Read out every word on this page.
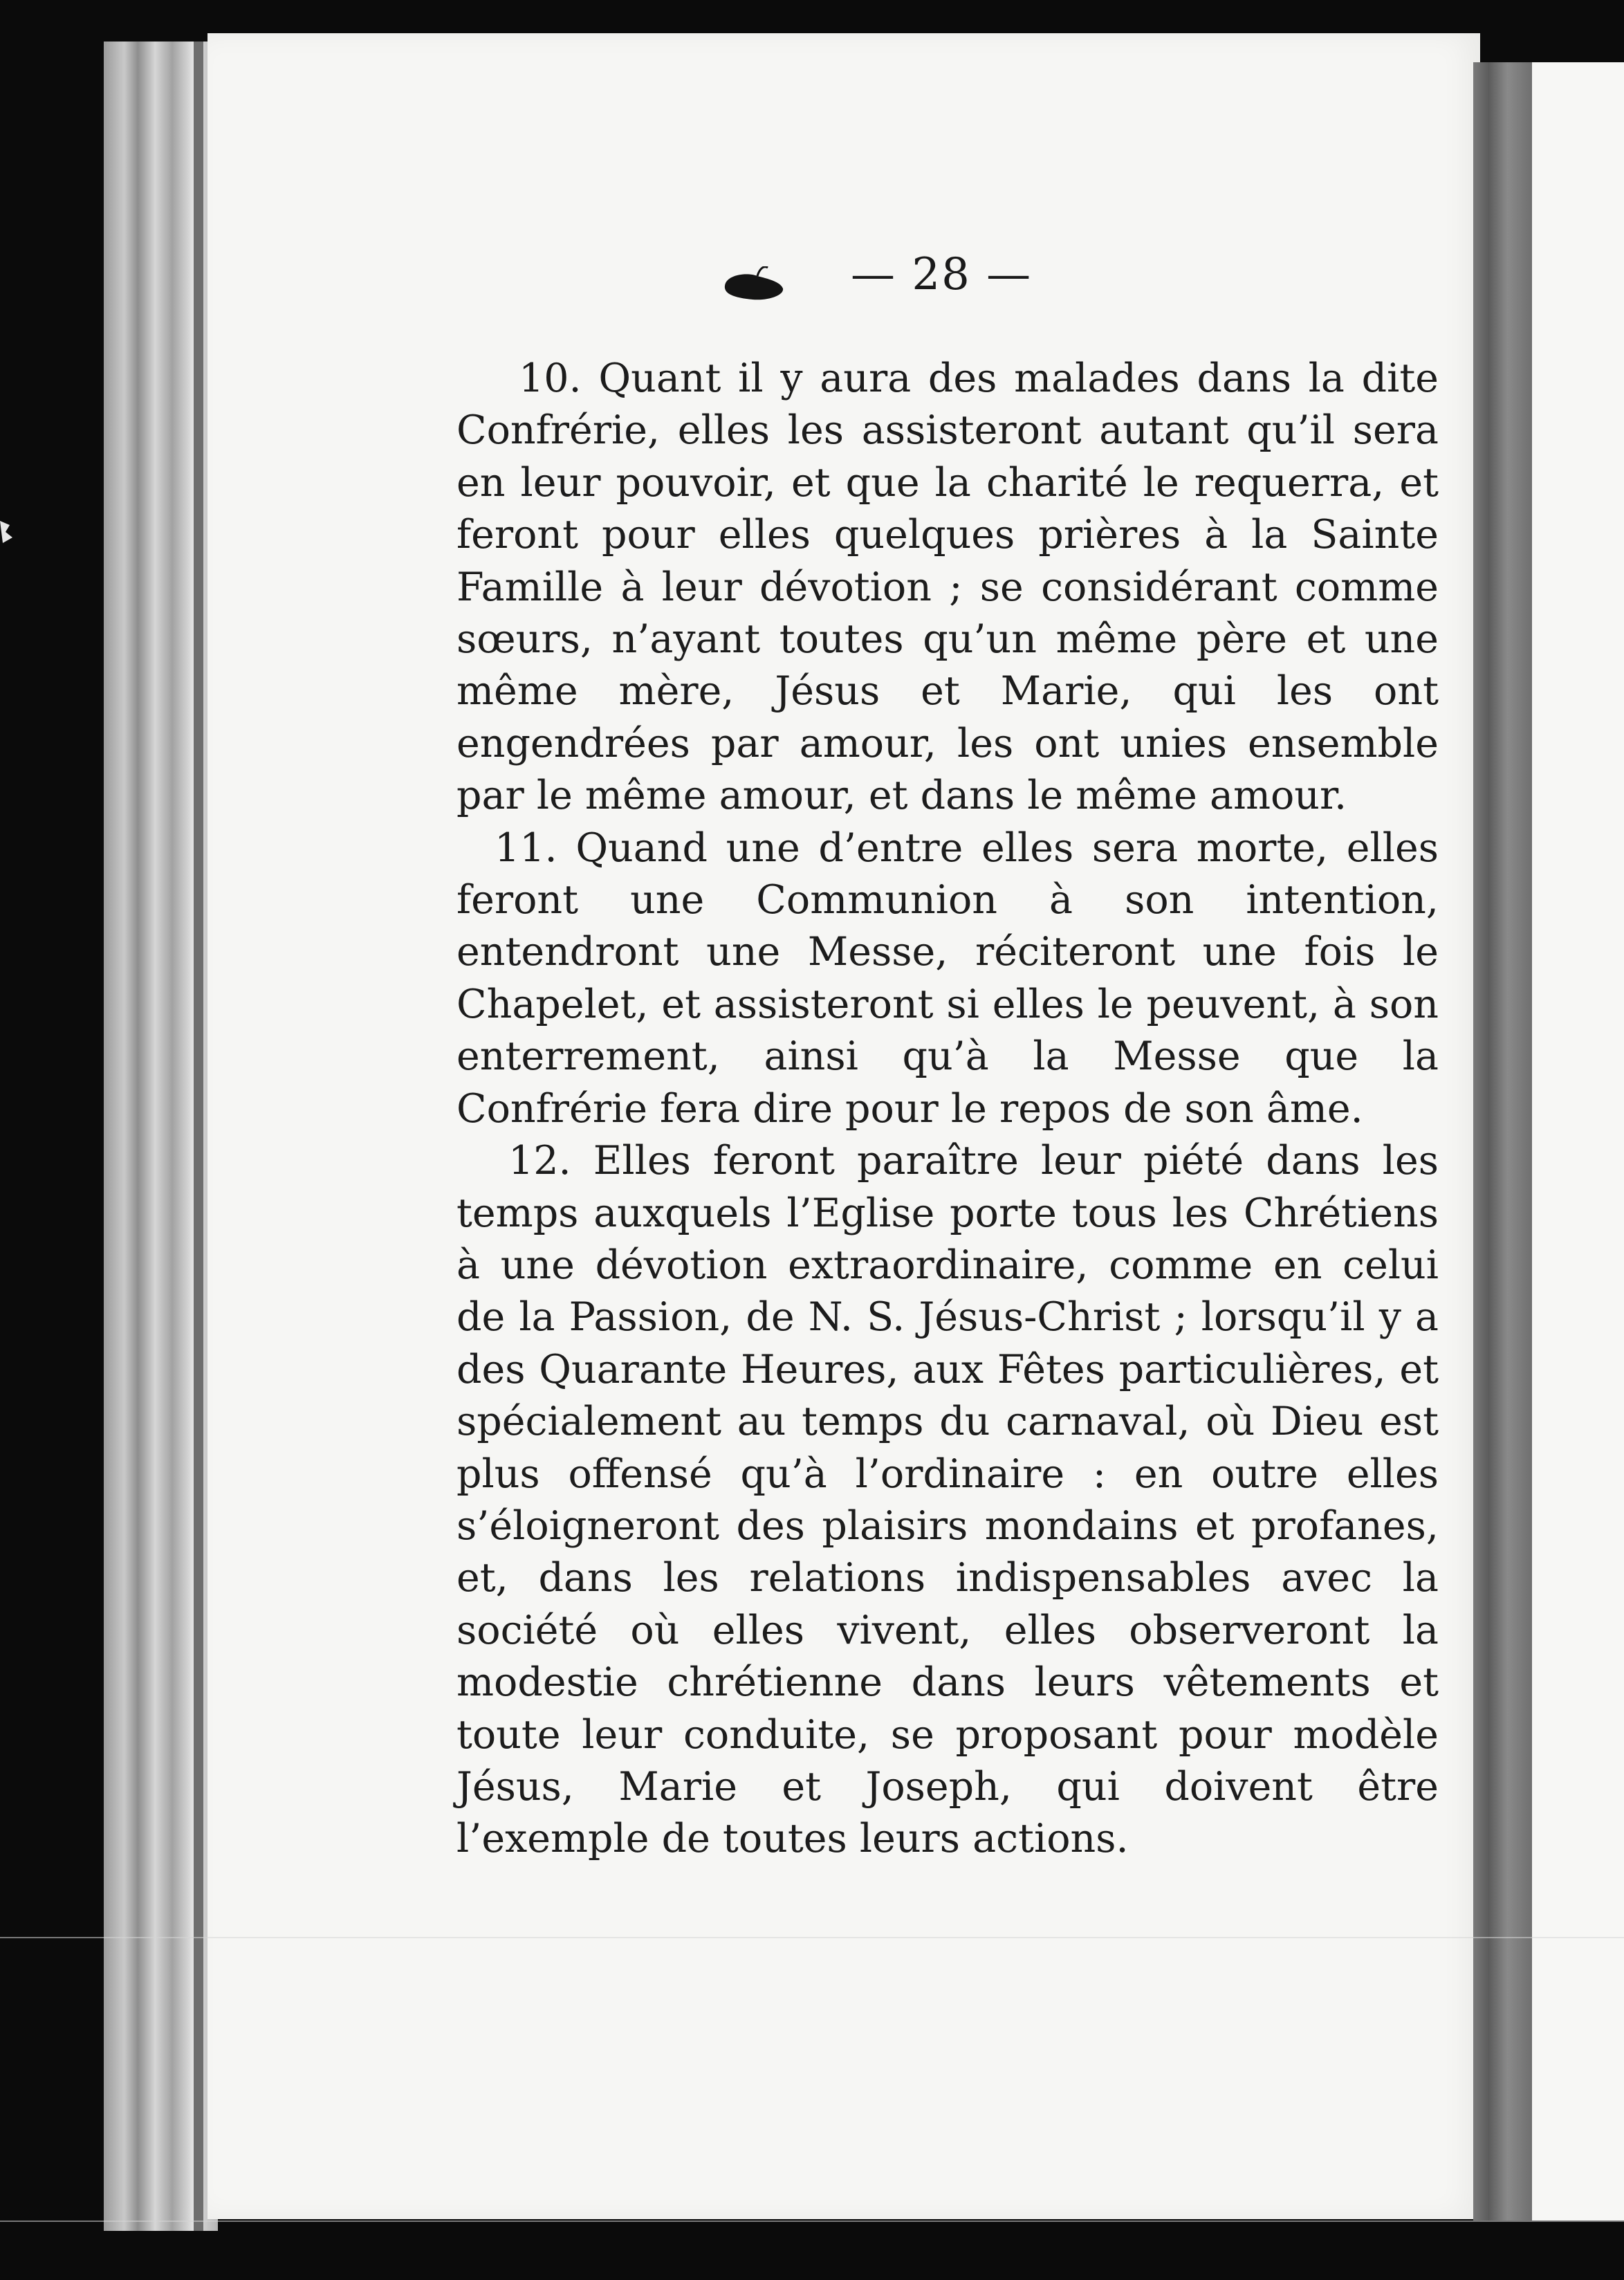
— 28 —

10. Quant il y aura des malades dans la dite Confrérie, elles les assisteront autant qu’il sera en leur pouvoir, et que la charité le requerra, et feront pour elles quelques prières à la Sainte Famille à leur dévotion ; se considérant comme sœurs, n’ayant toutes qu’un même père et une même mère, Jésus et Marie, qui les ont engendrées par amour, les ont unies ensemble par le même amour, et dans le même amour.

11. Quand une d’entre elles sera morte, elles feront une Communion à son intention, entendront une Messe, réciteront une fois le Chapelet, et assisteront si elles le peuvent, à son enterrement, ainsi qu’à la Messe que la Confrérie fera dire pour le repos de son âme.

12. Elles feront paraître leur piété dans les temps auxquels l’Eglise porte tous les Chrétiens à une dévotion extraordinaire, comme en celui de la Passion, de N. S. Jésus-Christ ; lorsqu’il y a des Quarante Heures, aux Fêtes particulières, et spécialement au temps du carnaval, où Dieu est plus offensé qu’à l’ordinaire : en outre elles s’éloigneront des plaisirs mondains et profanes, et, dans les relations indispensables avec la société où elles vivent, elles observeront la modestie chrétienne dans leurs vêtements et toute leur conduite, se proposant pour modèle Jésus, Marie et Joseph, qui doivent être l’exemple de toutes leurs actions.
